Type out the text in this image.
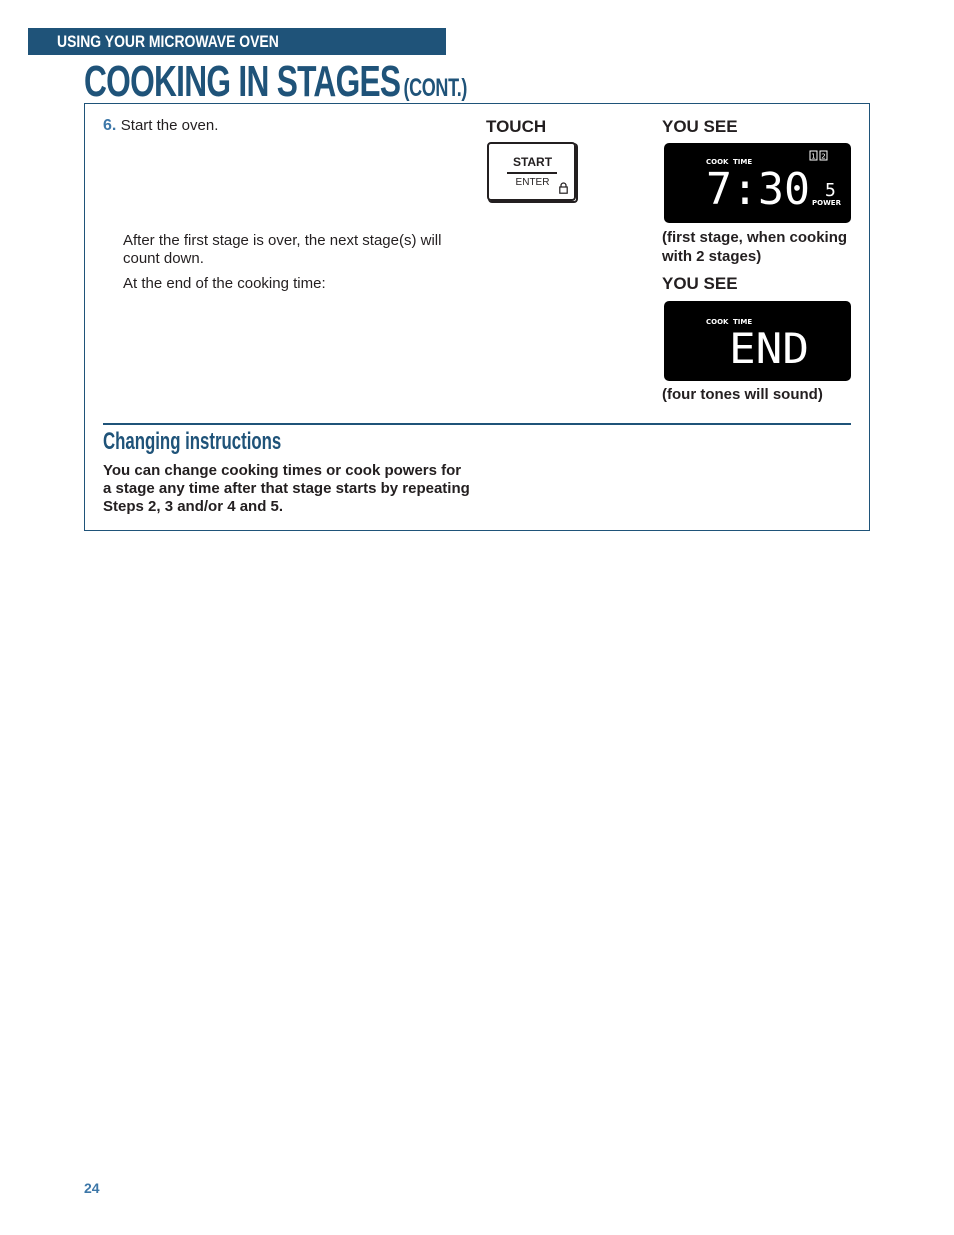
USING YOUR MICROWAVE OVEN
COOKING IN STAGES (CONT.)
6. Start the oven.	TOUCH	YOU SEE
START
ENTER
COOK TIME
1 2
7:30 5
POWER
(first stage, when cooking with 2 stages)
After the first stage is over, the next stage(s) will count down.
At the end of the cooking time:	YOU SEE
COOK TIME
END
(four tones will sound)
Changing instructions
You can change cooking times or cook powers for a stage any time after that stage starts by repeating Steps 2, 3 and/or 4 and 5.
24
